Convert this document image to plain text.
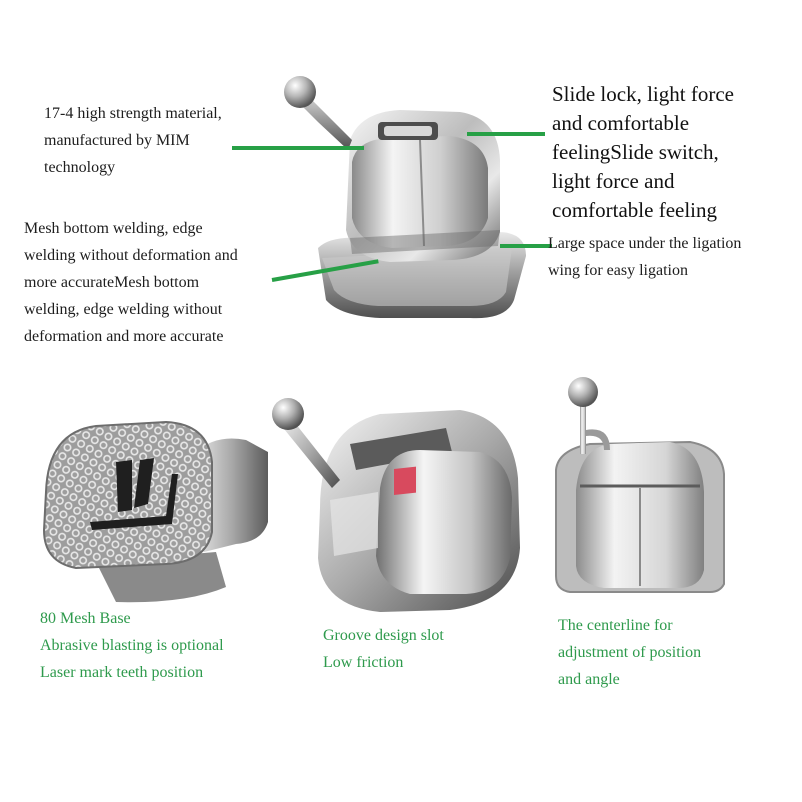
17-4 high strength material,
manufactured by MIM
technology
Mesh bottom welding, edge
welding without deformation and
more accurateMesh bottom
welding, edge welding without
deformation and more accurate
Slide lock, light force
and comfortable
feelingSlide switch,
light force and
comfortable feeling
Large space under the ligation
wing for easy ligation
80 Mesh Base
Abrasive blasting is optional
Laser mark teeth position
Groove design slot
Low friction
The centerline for
adjustment of position
and angle
